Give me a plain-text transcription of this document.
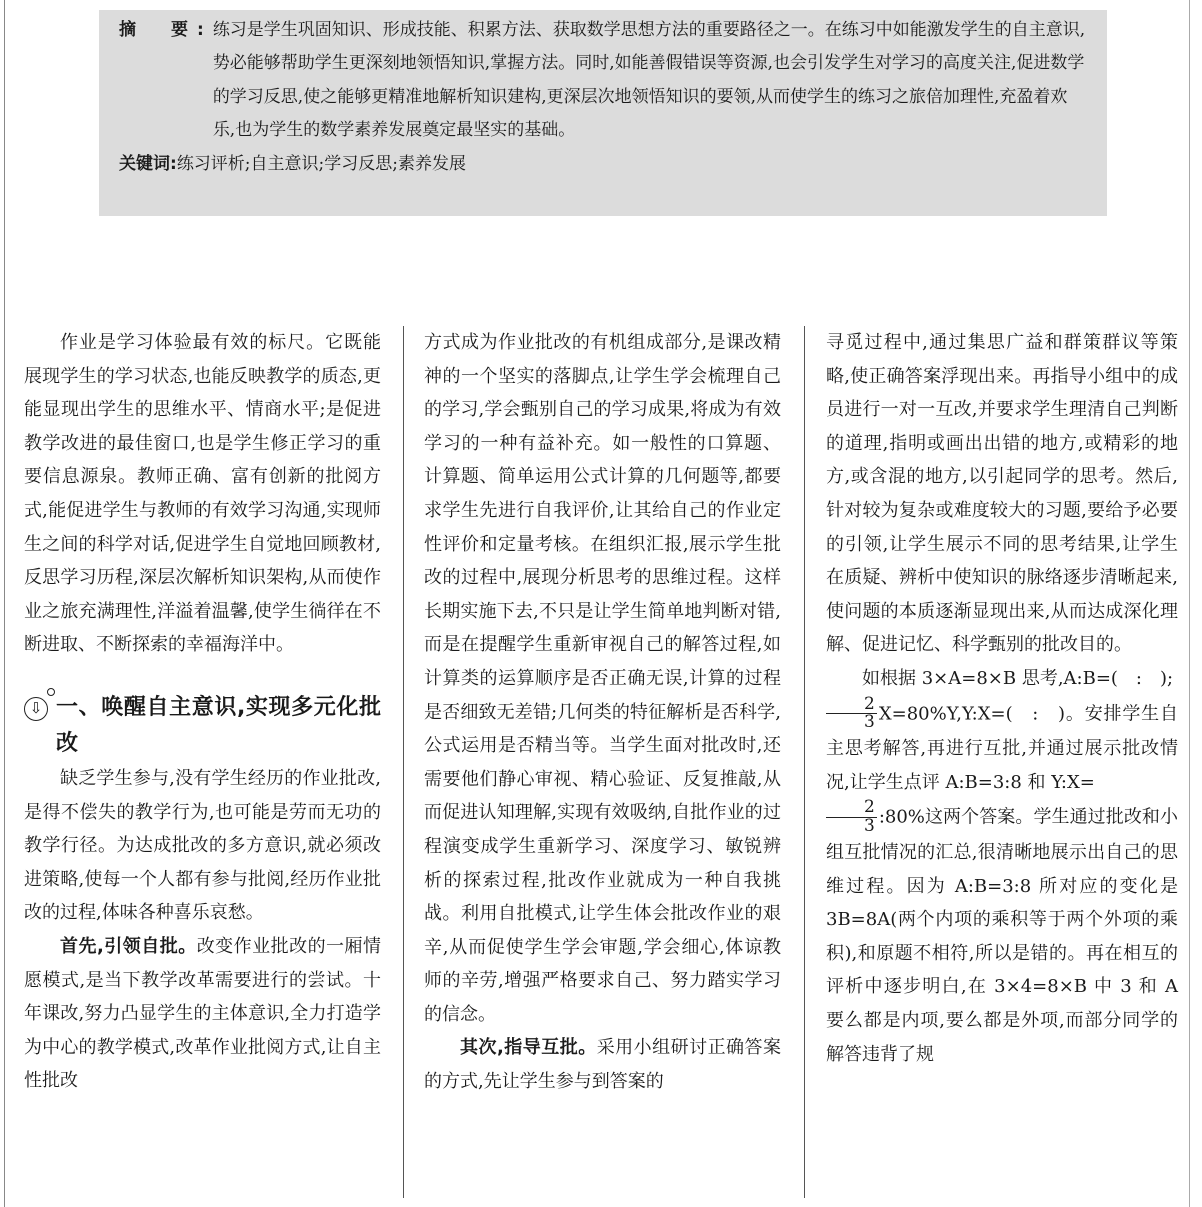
摘　要: 练习是学生巩固知识、形成技能、积累方法、获取数学思想方法的重要路径之一。在练习中如能激发学生的自主意识,势必能够帮助学生更深刻地领悟知识,掌握方法。同时,如能善假错误等资源,也会引发学生对学习的高度关注,促进数学的学习反思,使之能够更精准地解析知识建构,更深层次地领悟知识的要领,从而使学生的练习之旅倍加理性,充盈着欢乐,也为学生的数学素养发展奠定最坚实的基础。
关键词: 练习评析;自主意识;学习反思;素养发展

作业是学习体验最有效的标尺。它既能展现学生的学习状态,也能反映教学的质态,更能显现出学生的思维水平、情商水平;是促进教学改进的最佳窗口,也是学生修正学习的重要信息源泉。教师正确、富有创新的批阅方式,能促进学生与教师的有效学习沟通,实现师生之间的科学对话,促进学生自觉地回顾教材,反思学习历程,深层次解析知识架构,从而使作业之旅充满理性,洋溢着温馨,使学生徜徉在不断进取、不断探索的幸福海洋中。

⇩ 一、唤醒自主意识,实现多元化批改

缺乏学生参与,没有学生经历的作业批改,是得不偿失的教学行为,也可能是劳而无功的教学行径。为达成批改的多方意识,就必须改进策略,使每一个人都有参与批阅,经历作业批改的过程,体味各种喜乐哀愁。

首先,引领自批。改变作业批改的一厢情愿模式,是当下教学改革需要进行的尝试。十年课改,努力凸显学生的主体意识,全力打造学为中心的教学模式,改革作业批阅方式,让自主性批改

方式成为作业批改的有机组成部分,是课改精神的一个坚实的落脚点,让学生学会梳理自己的学习,学会甄别自己的学习成果,将成为有效学习的一种有益补充。如一般性的口算题、计算题、简单运用公式计算的几何题等,都要求学生先进行自我评价,让其给自己的作业定性评价和定量考核。在组织汇报,展示学生批改的过程中,展现分析思考的思维过程。这样长期实施下去,不只是让学生简单地判断对错,而是在提醒学生重新审视自己的解答过程,如计算类的运算顺序是否正确无误,计算的过程是否细致无差错;几何类的特征解析是否科学,公式运用是否精当等。当学生面对批改时,还需要他们静心审视、精心验证、反复推敲,从而促进认知理解,实现有效吸纳,自批作业的过程演变成学生重新学习、深度学习、敏锐辨析的探索过程,批改作业就成为一种自我挑战。利用自批模式,让学生体会批改作业的艰辛,从而促使学生学会审题,学会细心,体谅教师的辛劳,增强严格要求自己、努力踏实学习的信念。

其次,指导互批。采用小组研讨正确答案的方式,先让学生参与到答案的

寻觅过程中,通过集思广益和群策群议等策略,使正确答案浮现出来。再指导小组中的成员进行一对一互改,并要求学生理清自己判断的道理,指明或画出出错的地方,或精彩的地方,或含混的地方,以引起同学的思考。然后,针对较为复杂或难度较大的习题,要给予必要的引领,让学生展示不同的思考结果,让学生在质疑、辨析中使知识的脉络逐步清晰起来,使问题的本质逐渐显现出来,从而达成深化理解、促进记忆、科学甄别的批改目的。

如根据 3×A=8×B 思考,A:B=(　:　);

$\frac{2}{3}$ X=80%Y,Y:X=(　:　)。安排学生自主思考解答,再进行互批,并通过展示批改情况,让学生点评 A:B=3:8 和 Y:X=

$\frac{2}{3}$ :80%这两个答案。学生通过批改和小组互批情况的汇总,很清晰地展示出自己的思维过程。因为 A:B=3:8 所对应的变化是 3B=8A(两个内项的乘积等于两个外项的乘积),和原题不相符,所以是错的。再在相互的评析中逐步明白,在 3×4=8×B 中 3 和 A 要么都是内项,要么都是外项,而部分同学的解答违背了规
